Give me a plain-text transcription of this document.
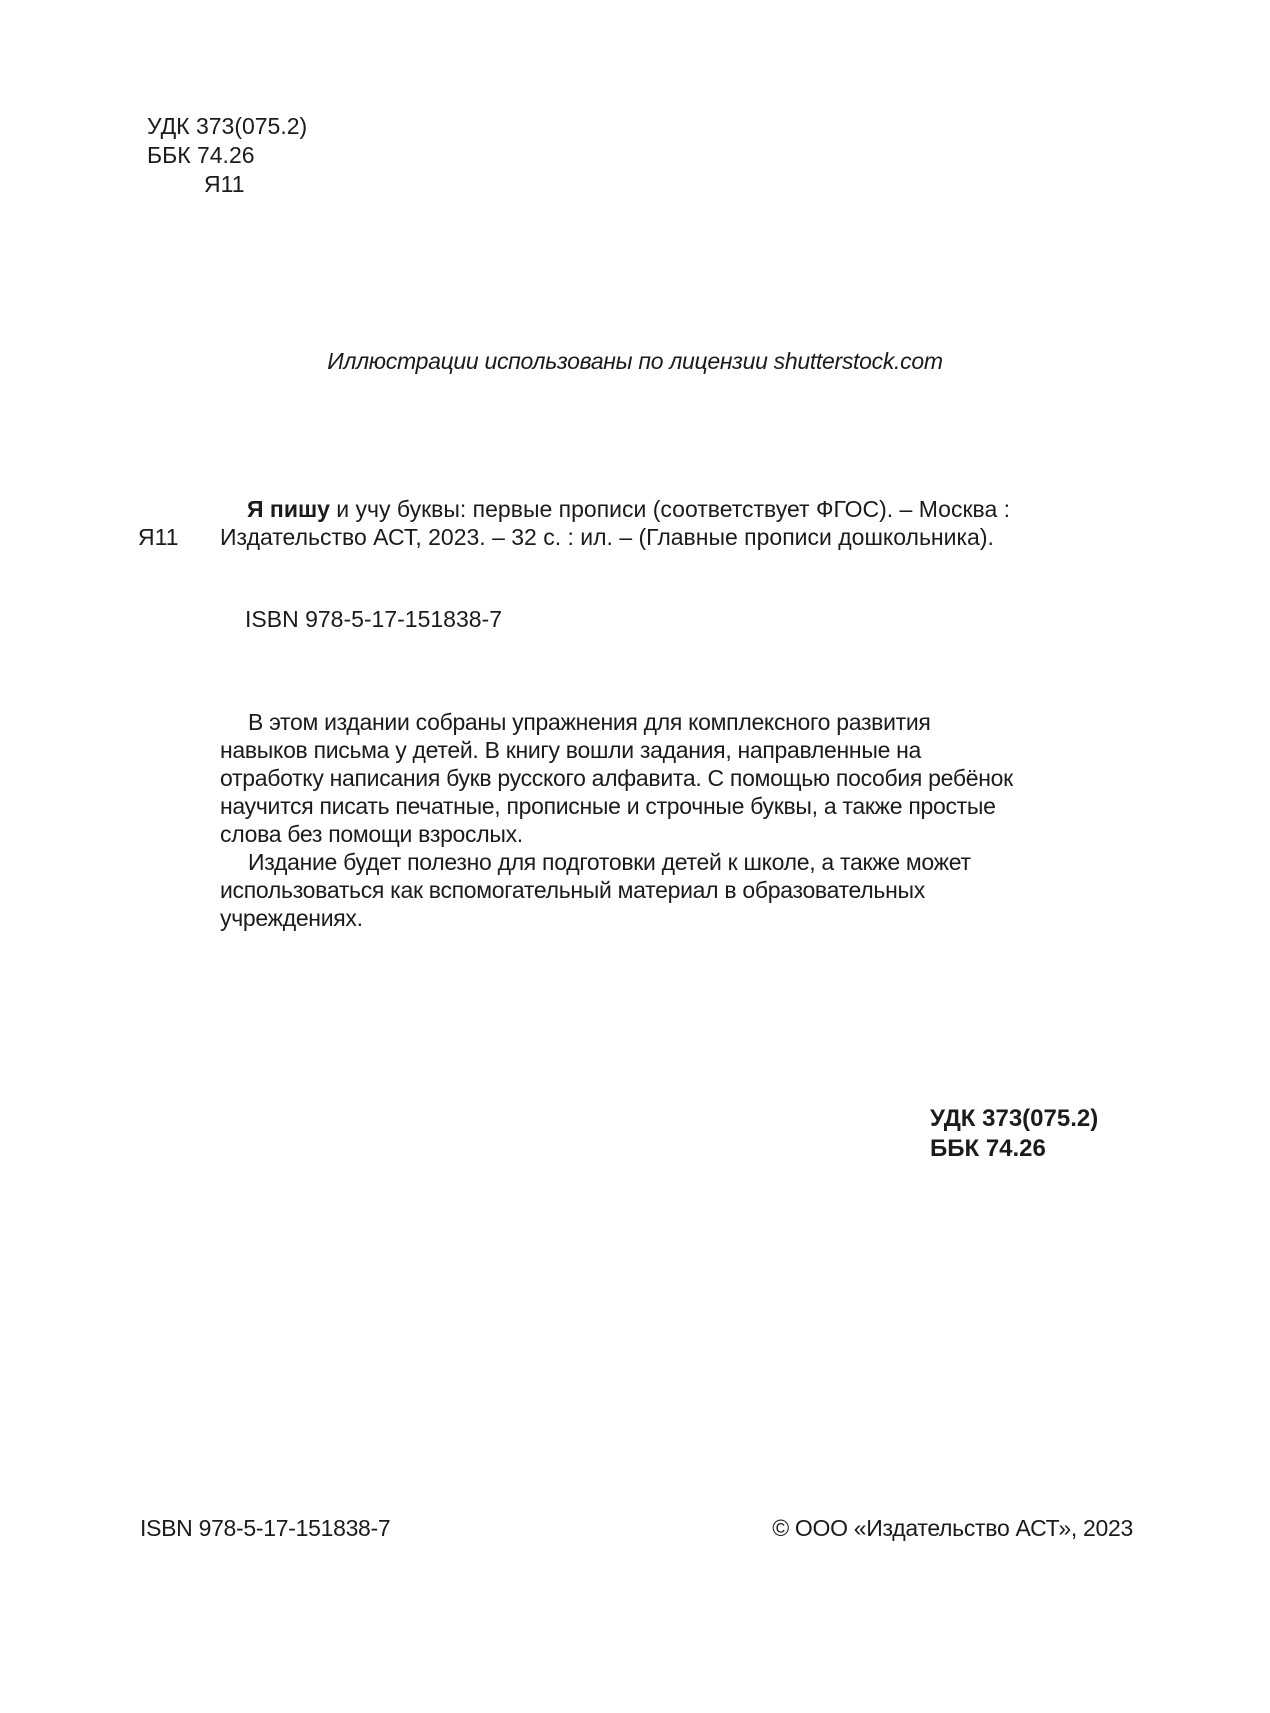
УДК 373(075.2)
ББК 74.26
Я11
Иллюстрации использованы по лицензии shutterstock.com
Я пишу и учу буквы: первые прописи (соответствует ФГОС). – Москва :
Я11 Издательство АСТ, 2023. – 32 с. : ил. – (Главные прописи дошкольника).
ISBN 978-5-17-151838-7
В этом издании собраны упражнения для комплексного развития
навыков письма у детей. В книгу вошли задания, направленные на
отработку написания букв русского алфавита. С помощью пособия ребёнок
научится писать печатные, прописные и строчные буквы, а также простые
слова без помощи взрослых.
Издание будет полезно для подготовки детей к школе, а также может
использоваться как вспомогательный материал в образовательных
учреждениях.
УДК 373(075.2)
ББК 74.26
ISBN 978-5-17-151838-7	© ООО «Издательство АСТ», 2023
